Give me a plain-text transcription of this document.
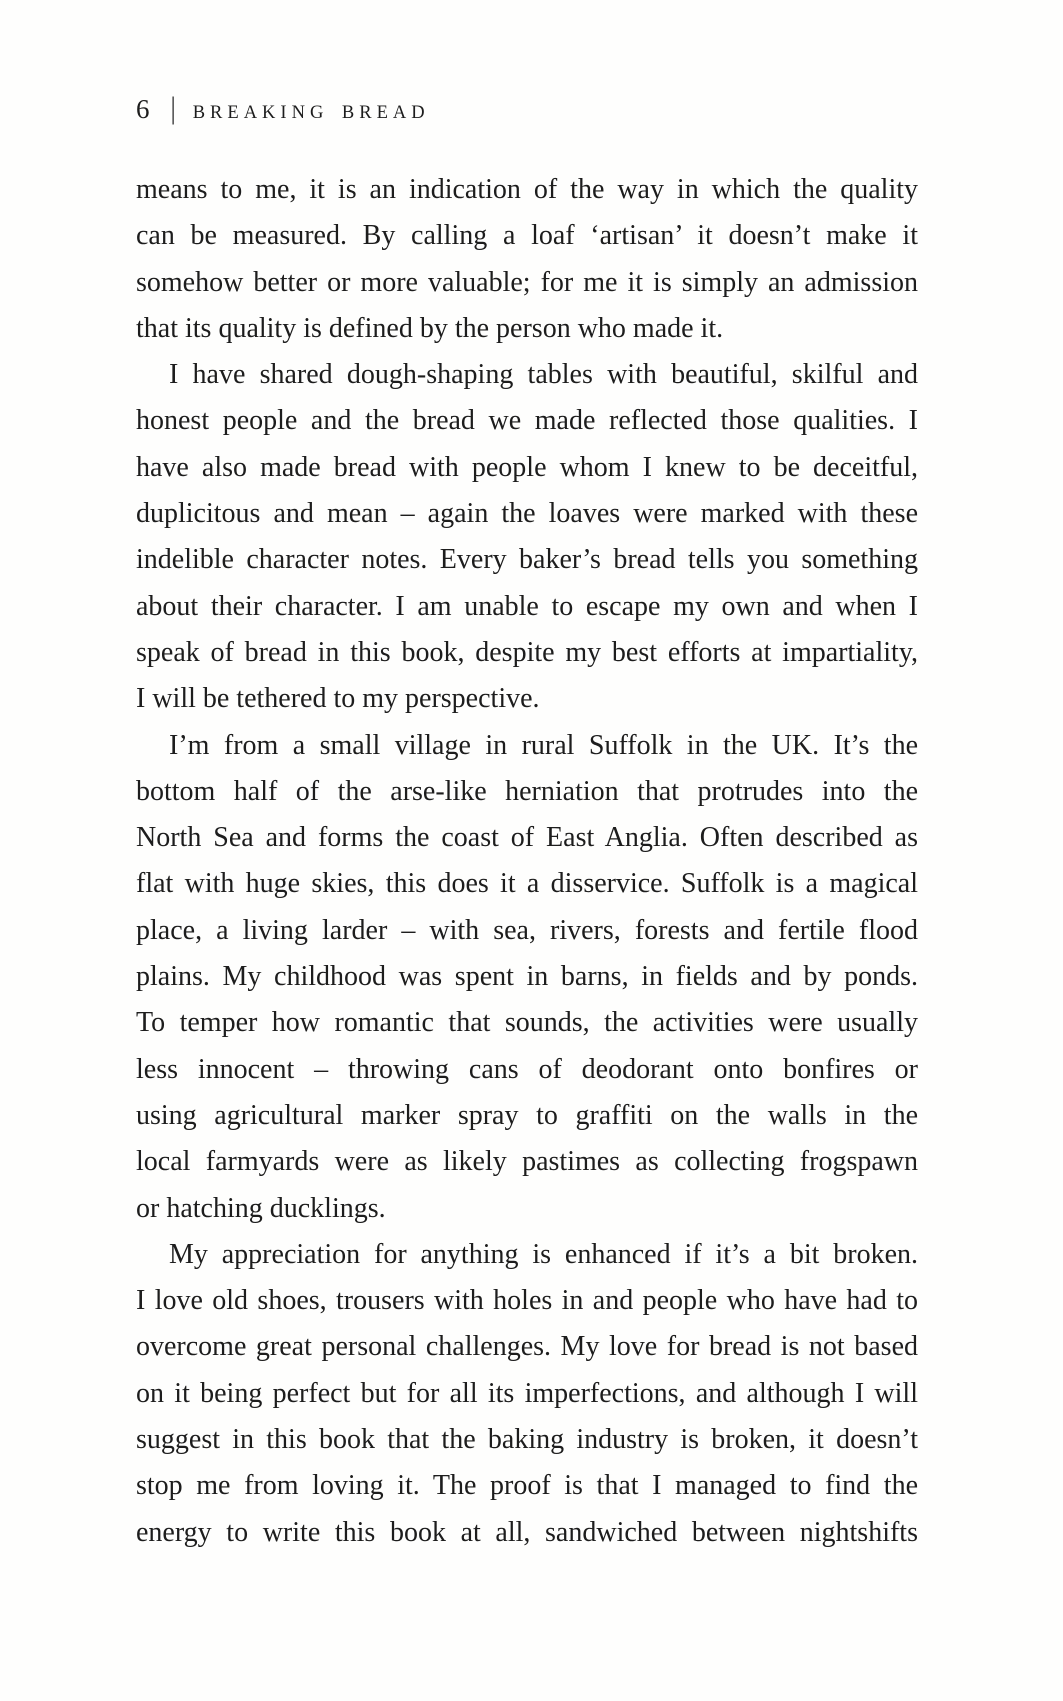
6 | BREAKING BREAD
means to me, it is an indication of the way in which the quality
can be measured. By calling a loaf ‘artisan’ it doesn’t make it
somehow better or more valuable; for me it is simply an admission
that its quality is defined by the person who made it.
I have shared dough-shaping tables with beautiful, skilful and
honest people and the bread we made reflected those qualities. I
have also made bread with people whom I knew to be deceitful,
duplicitous and mean – again the loaves were marked with these
indelible character notes. Every baker’s bread tells you something
about their character. I am unable to escape my own and when I
speak of bread in this book, despite my best efforts at impartiality,
I will be tethered to my perspective.
I’m from a small village in rural Suffolk in the UK. It’s the
bottom half of the arse-like herniation that protrudes into the
North Sea and forms the coast of East Anglia. Often described as
flat with huge skies, this does it a disservice. Suffolk is a magical
place, a living larder – with sea, rivers, forests and fertile flood
plains. My childhood was spent in barns, in fields and by ponds.
To temper how romantic that sounds, the activities were usually
less innocent – throwing cans of deodorant onto bonfires or
using agricultural marker spray to graffiti on the walls in the
local farmyards were as likely pastimes as collecting frogspawn
or hatching ducklings.
My appreciation for anything is enhanced if it’s a bit broken.
I love old shoes, trousers with holes in and people who have had to
overcome great personal challenges. My love for bread is not based
on it being perfect but for all its imperfections, and although I will
suggest in this book that the baking industry is broken, it doesn’t
stop me from loving it. The proof is that I managed to find the
energy to write this book at all, sandwiched between nightshifts
